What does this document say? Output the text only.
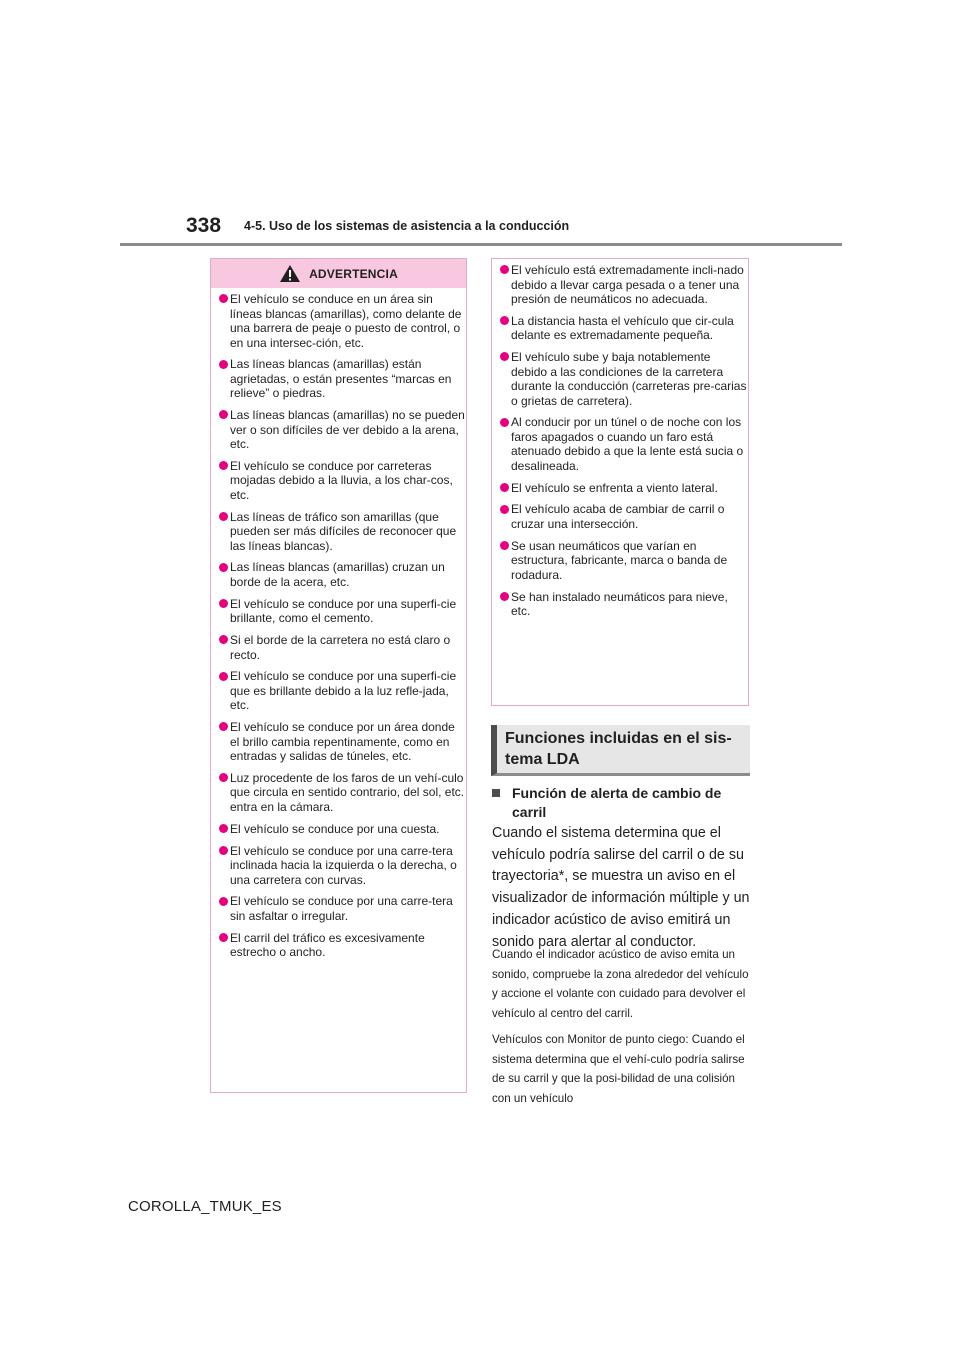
338 4-5. Uso de los sistemas de asistencia a la conducción
ADVERTENCIA
El vehículo se conduce en un área sin líneas blancas (amarillas), como delante de una barrera de peaje o puesto de control, o en una intersec-ción, etc.
Las líneas blancas (amarillas) están agrietadas, o están presentes “marcas en relieve” o piedras.
Las líneas blancas (amarillas) no se pueden ver o son difíciles de ver debido a la arena, etc.
El vehículo se conduce por carreteras mojadas debido a la lluvia, a los char-cos, etc.
Las líneas de tráfico son amarillas (que pueden ser más difíciles de reconocer que las líneas blancas).
Las líneas blancas (amarillas) cruzan un borde de la acera, etc.
El vehículo se conduce por una superfi-cie brillante, como el cemento.
Si el borde de la carretera no está claro o recto.
El vehículo se conduce por una superfi-cie que es brillante debido a la luz refle-jada, etc.
El vehículo se conduce por un área donde el brillo cambia repentinamente, como en entradas y salidas de túneles, etc.
Luz procedente de los faros de un vehí-culo que circula en sentido contrario, del sol, etc. entra en la cámara.
El vehículo se conduce por una cuesta.
El vehículo se conduce por una carre-tera inclinada hacia la izquierda o la derecha, o una carretera con curvas.
El vehículo se conduce por una carre-tera sin asfaltar o irregular.
El carril del tráfico es excesivamente estrecho o ancho.
El vehículo está extremadamente incli-nado debido a llevar carga pesada o a tener una presión de neumáticos no adecuada.
La distancia hasta el vehículo que cir-cula delante es extremadamente pequeña.
El vehículo sube y baja notablemente debido a las condiciones de la carretera durante la conducción (carreteras pre-carias o grietas de carretera).
Al conducir por un túnel o de noche con los faros apagados o cuando un faro está atenuado debido a que la lente está sucia o desalineada.
El vehículo se enfrenta a viento lateral.
El vehículo acaba de cambiar de carril o cruzar una intersección.
Se usan neumáticos que varían en estructura, fabricante, marca o banda de rodadura.
Se han instalado neumáticos para nieve, etc.
Funciones incluidas en el sis-tema LDA
Función de alerta de cambio de carril

Cuando el sistema determina que el vehículo podría salirse del carril o de su trayectoria*, se muestra un aviso en el visualizador de información múltiple y un indicador acústico de aviso emitirá un sonido para alertar al conductor.

Cuando el indicador acústico de aviso emita un sonido, compruebe la zona alrededor del vehículo y accione el volante con cuidado para devolver el vehículo al centro del carril.

Vehículos con Monitor de punto ciego: Cuando el sistema determina que el vehí-culo podría salirse de su carril y que la posi-bilidad de una colisión con un vehículo

COROLLA_TMUK_ES
